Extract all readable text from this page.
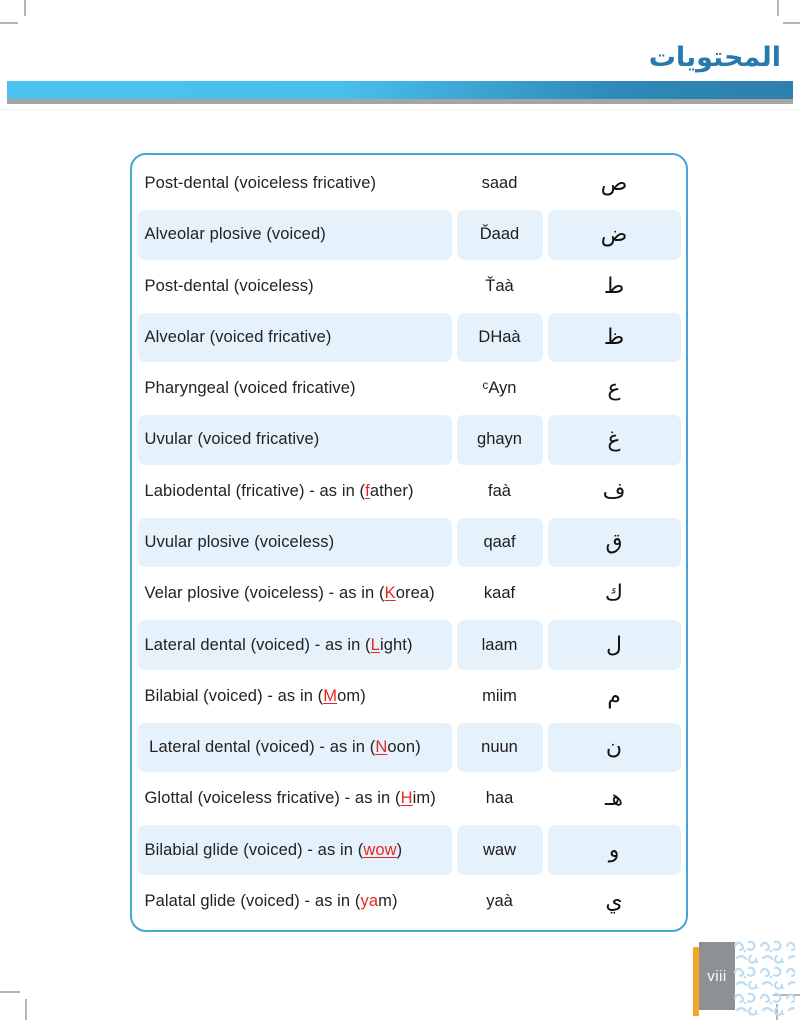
المحتويات
Post-dental (voiceless fricative)	saad	ص
Alveolar plosive (voiced)	Ďaad	ض
Post-dental (voiceless)	Ťaà	ط
Alveolar (voiced fricative)	DHaà	ظ
Pharyngeal (voiced fricative)	ᶜAyn	ع
Uvular (voiced fricative)	ghayn	غ
Labiodental (fricative) - as in ( f ather)	faà	ف
Uvular plosive (voiceless)	qaaf	ق
Velar plosive (voiceless) - as in ( K orea)	kaaf	ك
Lateral dental (voiced) - as in ( L ight)	laam	ل
Bilabial (voiced) - as in ( M om)	miim	م
Lateral dental (voiced) - as in ( N oon)	nuun	ن
Glottal (voiceless fricative) - as in ( H im)	haa	هـ
Bilabial glide (voiced) - as in ( wow )	waw	و
Palatal glide (voiced) - as in ( ya m)	yaà	ي
viii
